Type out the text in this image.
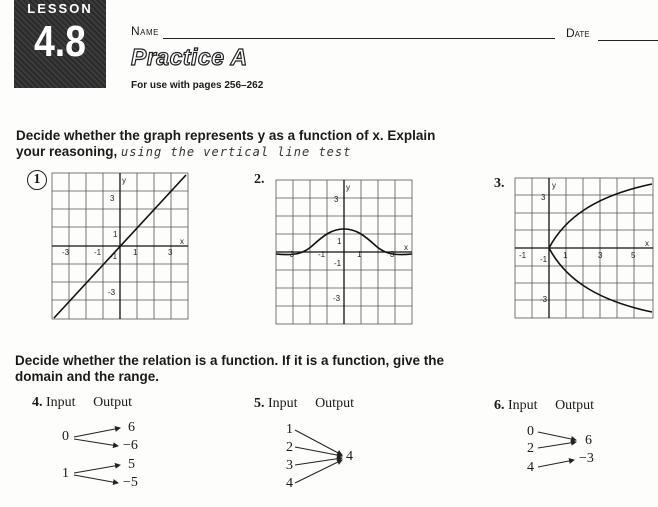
LESSON
4.8	Name	Date
Practice A
For use with pages 256–262
Decide whether the graph represents y as a function of x. Explain
your reasoning, using the vertical line test
1	2.	3.
y
x
3
1
-1
-3
-3	-1	1	3
y
x
3
1
-1
-3
-3	-1	1	3
y
x
3
-1
-3
-1	1	3	5
Decide whether the relation is a function. If it is a function, give the
domain and the range.
4. Input Output
0
1
6
−6
5
−5
5. Input Output
1
2
3
4
4
6. Input Output
0
2
4
6
−3
